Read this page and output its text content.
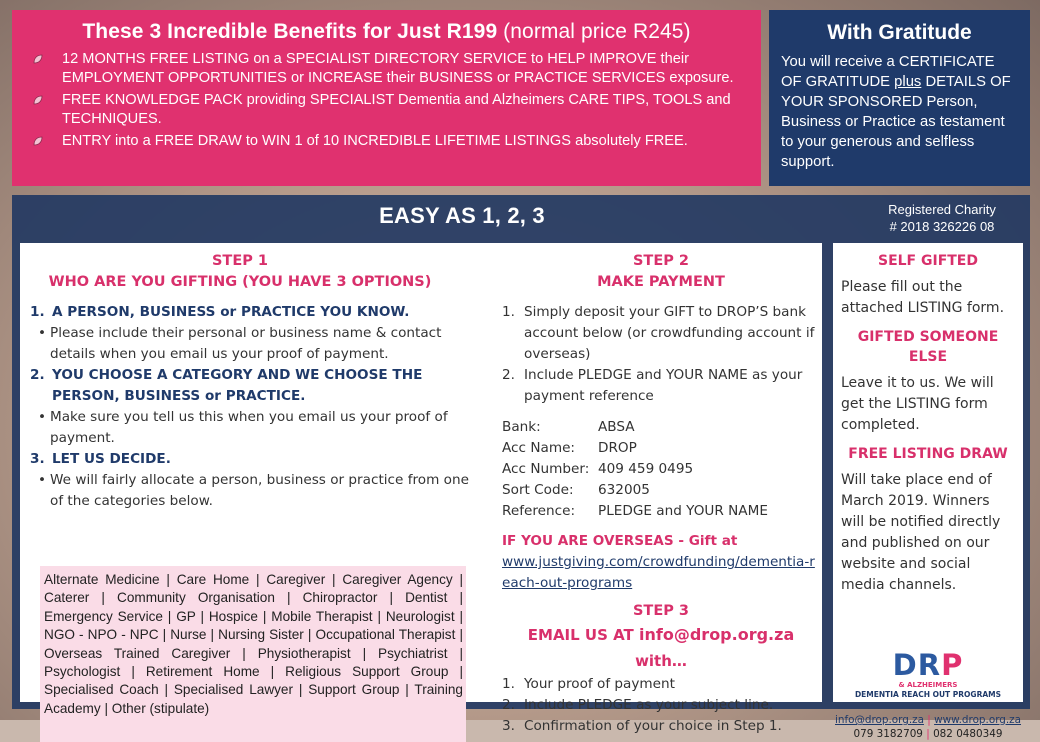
These 3 Incredible Benefits for Just R199 (normal price R245)
12 MONTHS FREE LISTING on a SPECIALIST DIRECTORY SERVICE to HELP IMPROVE their EMPLOYMENT OPPORTUNITIES or INCREASE their BUSINESS or PRACTICE SERVICES exposure.
FREE KNOWLEDGE PACK providing SPECIALIST Dementia and Alzheimers CARE TIPS, TOOLS and TECHNIQUES.
ENTRY into a FREE DRAW to WIN 1 of 10 INCREDIBLE LIFETIME LISTINGS absolutely FREE.
With Gratitude
You will receive a CERTIFICATE OF GRATITUDE plus DETAILS OF YOUR SPONSORED Person, Business or Practice as testament to your generous and selfless support.
EASY AS 1, 2, 3	Registered Charity
# 2018 326226 08
STEP 1
WHO ARE YOU GIFTING (YOU HAVE 3 OPTIONS)
1. A PERSON, BUSINESS or PRACTICE YOU KNOW.
• Please include their personal or business name & contact details when you email us your proof of payment.
2. YOU CHOOSE A CATEGORY AND WE CHOOSE THE PERSON, BUSINESS or PRACTICE.
• Make sure you tell us this when you email us your proof of payment.
3. LET US DECIDE.
• We will fairly allocate a person, business or practice from one of the categories below.
Alternate Medicine | Care Home | Caregiver | Caregiver Agency | Caterer | Community Organisation | Chiropractor | Dentist | Emergency Service | GP | Hospice | Mobile Therapist | Neurologist | NGO - NPO - NPC | Nurse | Nursing Sister | Occupational Therapist | Overseas Trained Caregiver | Physiotherapist | Psychiatrist | Psychologist | Retirement Home | Religious Support Group | Specialised Coach | Specialised Lawyer | Support Group | Training Academy | Other (stipulate)
STEP 2
MAKE PAYMENT
1. Simply deposit your GIFT to DROP’S bank account below (or crowdfunding account if overseas)
2. Include PLEDGE and YOUR NAME as your payment reference
Bank:	ABSA
Acc Name:	DROP
Acc Number: 409 459 0495
Sort Code:	632005
Reference:	PLEDGE and YOUR NAME
IF YOU ARE OVERSEAS - Gift at
www.justgiving.com/crowdfunding/dementia-reach-out-programs
STEP 3
EMAIL US AT info@drop.org.za with…
1. Your proof of payment
2. Include PLEDGE as your subject line.
3. Confirmation of your choice in Step 1.
SELF GIFTED
Please fill out the attached LISTING form.
GIFTED SOMEONE ELSE
Leave it to us. We will get the LISTING form completed.
FREE LISTING DRAW
Will take place end of March 2019. Winners will be notified directly and published on our website and social media channels.
DRP
& ALZHEIMERS
DEMENTIA REACH OUT PROGRAMS
info@drop.org.za | www.drop.org.za
079 3182709 | 082 0480349
